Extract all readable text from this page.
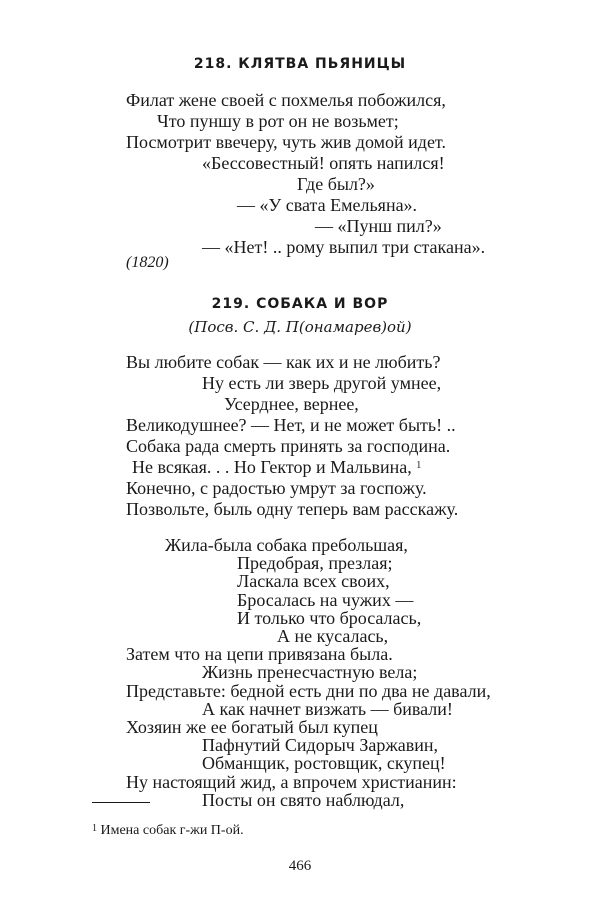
218. КЛЯТВА ПЬЯНИЦЫ
Филат жене своей с похмелья побожился,
Что пуншу в рот он не возьмет;
Посмотрит ввечеру, чуть жив домой идет.
«Бессовестный! опять напился!
Где был?»
— «У свата Емельяна».
— «Пунш пил?»
— «Нет! .. рому выпил три стакана».
(1820)
219. СОБАКА И ВОР
(Посв. С. Д. П(онамарев)ой)
Вы любите собак — как их и не любить?
Ну есть ли зверь другой умнее,
Усерднее, вернее,
Великодушнее? — Нет, и не может быть! ..
Собака рада смерть принять за господина.
Не всякая. . . Но Гектор и Мальвина, $^1$
Конечно, с радостью умрут за госпожу.
Позвольте, быль одну теперь вам расскажу.
Жила-была собака пребольшая,
Предобрая, презлая;
Ласкала всех своих,
Бросалась на чужих —
И только что бросалась,
А не кусалась,
Затем что на цепи привязана была.
Жизнь пренесчастную вела;
Представьте: бедной есть дни по два не давали,
А как начнет визжать — бивали!
Хозяин же ее богатый был купец
Пафнутий Сидорыч Заржавин,
Обманщик, ростовщик, скупец!
Ну настоящий жид, а впрочем христианин:
Посты он свято наблюдал,
$^1$ Имена собак г-жи П-ой.
466
